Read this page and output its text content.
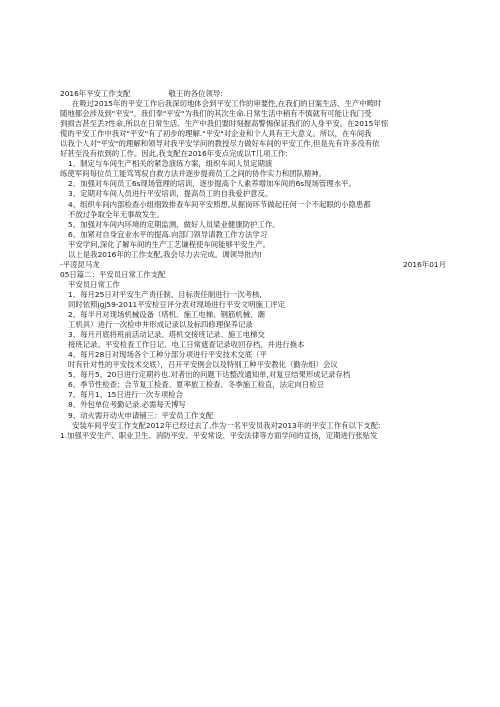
2016年平安工作支配	敬王的各位领导:
在吸过2015年的平安工作后我深切地体会到平安工作的审要性,在我们的日案生活、生产中畴时
随地都会涉及到"平安"。我们奉"平安"为我们的其次生命.日常生活中稍有不慎就有可能让我门受
到损吉甚至丢?性命,所以在日常生活、生产中我们要时刻握高警惕保证我们的人身平安。在2015年惊
慌的平安工作中我对"平安"有了初步的理解."平安"对企业和个人具有王大意义。所以，在车间我
以我个人对"平安"的理解和领导对我平安学问的教授尽力做好车间的平安工作,但是先有许多没有依
好甚至没有依到的工作。因此,我支配在2016年变点完成以T几项工作:
1、制定与车间生产相关的紧急演练方案，组织车间人员定期演
练使军间每位员工能笃驾驭自救方法并逐步提商员工之间的协作实力和团队精神。
2、加强对车间员工6s现场管理的培训，逐步提高个人素养增加车间的6s现场管理水平。
3、定期对车间人员进行平安培训，提高员工的自我爱护意反。
4、组织车间内部检查小组细致排查车间平安照想,从掘岗环节做起任何一个不起眼的小隐患都
不放过争取全年无事故发生。
5、加强对车间内环境的定期监测，做好人员梁业健康防护工作。
6、加紧对自身宜业水平的提高.向部门领导请教工作方法学习
平安学问,深化了解车间的生产工艺谦程使车间能够平安生产。
以上是我2016年的工作支配,我会尽力去完成。调领导批内!
-平凌昆马龙	2016年01月
05日篇二：平安员日常工作支配
平安员日常工作
1、每月25日对平安生产责任制、目标责任制进行一次考核,
同时依照jgj59-2011平安检豆评分表对现场进行平安文明施工评定
2、每半月对现场机械设备（塔机、施工电梯、钢筋机械、潮
工机具）进行一次检申井形成记录以及标四修理保养记录
3、每月月底将班前活动记录、塔机交接班记录、施工电梯交
接班记录、平安检查工作日记、电工日常遮查记录收回存档，并进行换本
4、每月28日对现场各个工种分部分项进行平安技术交底（平
时有针对性的平安技术交底），召开平安例会以及特别工种平安教化（勤杂组）会议
5、每月5、20日进行定期衿也.对者出的问题下达整改通知单,对复豆结果形成记录存档
6、季节性检查；合节复工检查、夏率旅工检查、冬季施工检直，法定向日检豆
7、每月1、15日进行一次专项检合
8、外包单位考勤记录.必需每天博写
9、动火需开动火申请铺三：平安员工作支配
安装车间平安工作支配2012年已经过去了,作为一名平安员我对2013年的平安工作有以下支配:
1.加强平安生产、职业卫生、消防平安、平安常设、平安法律等方面学问的宣扬，定期进行张贴发
